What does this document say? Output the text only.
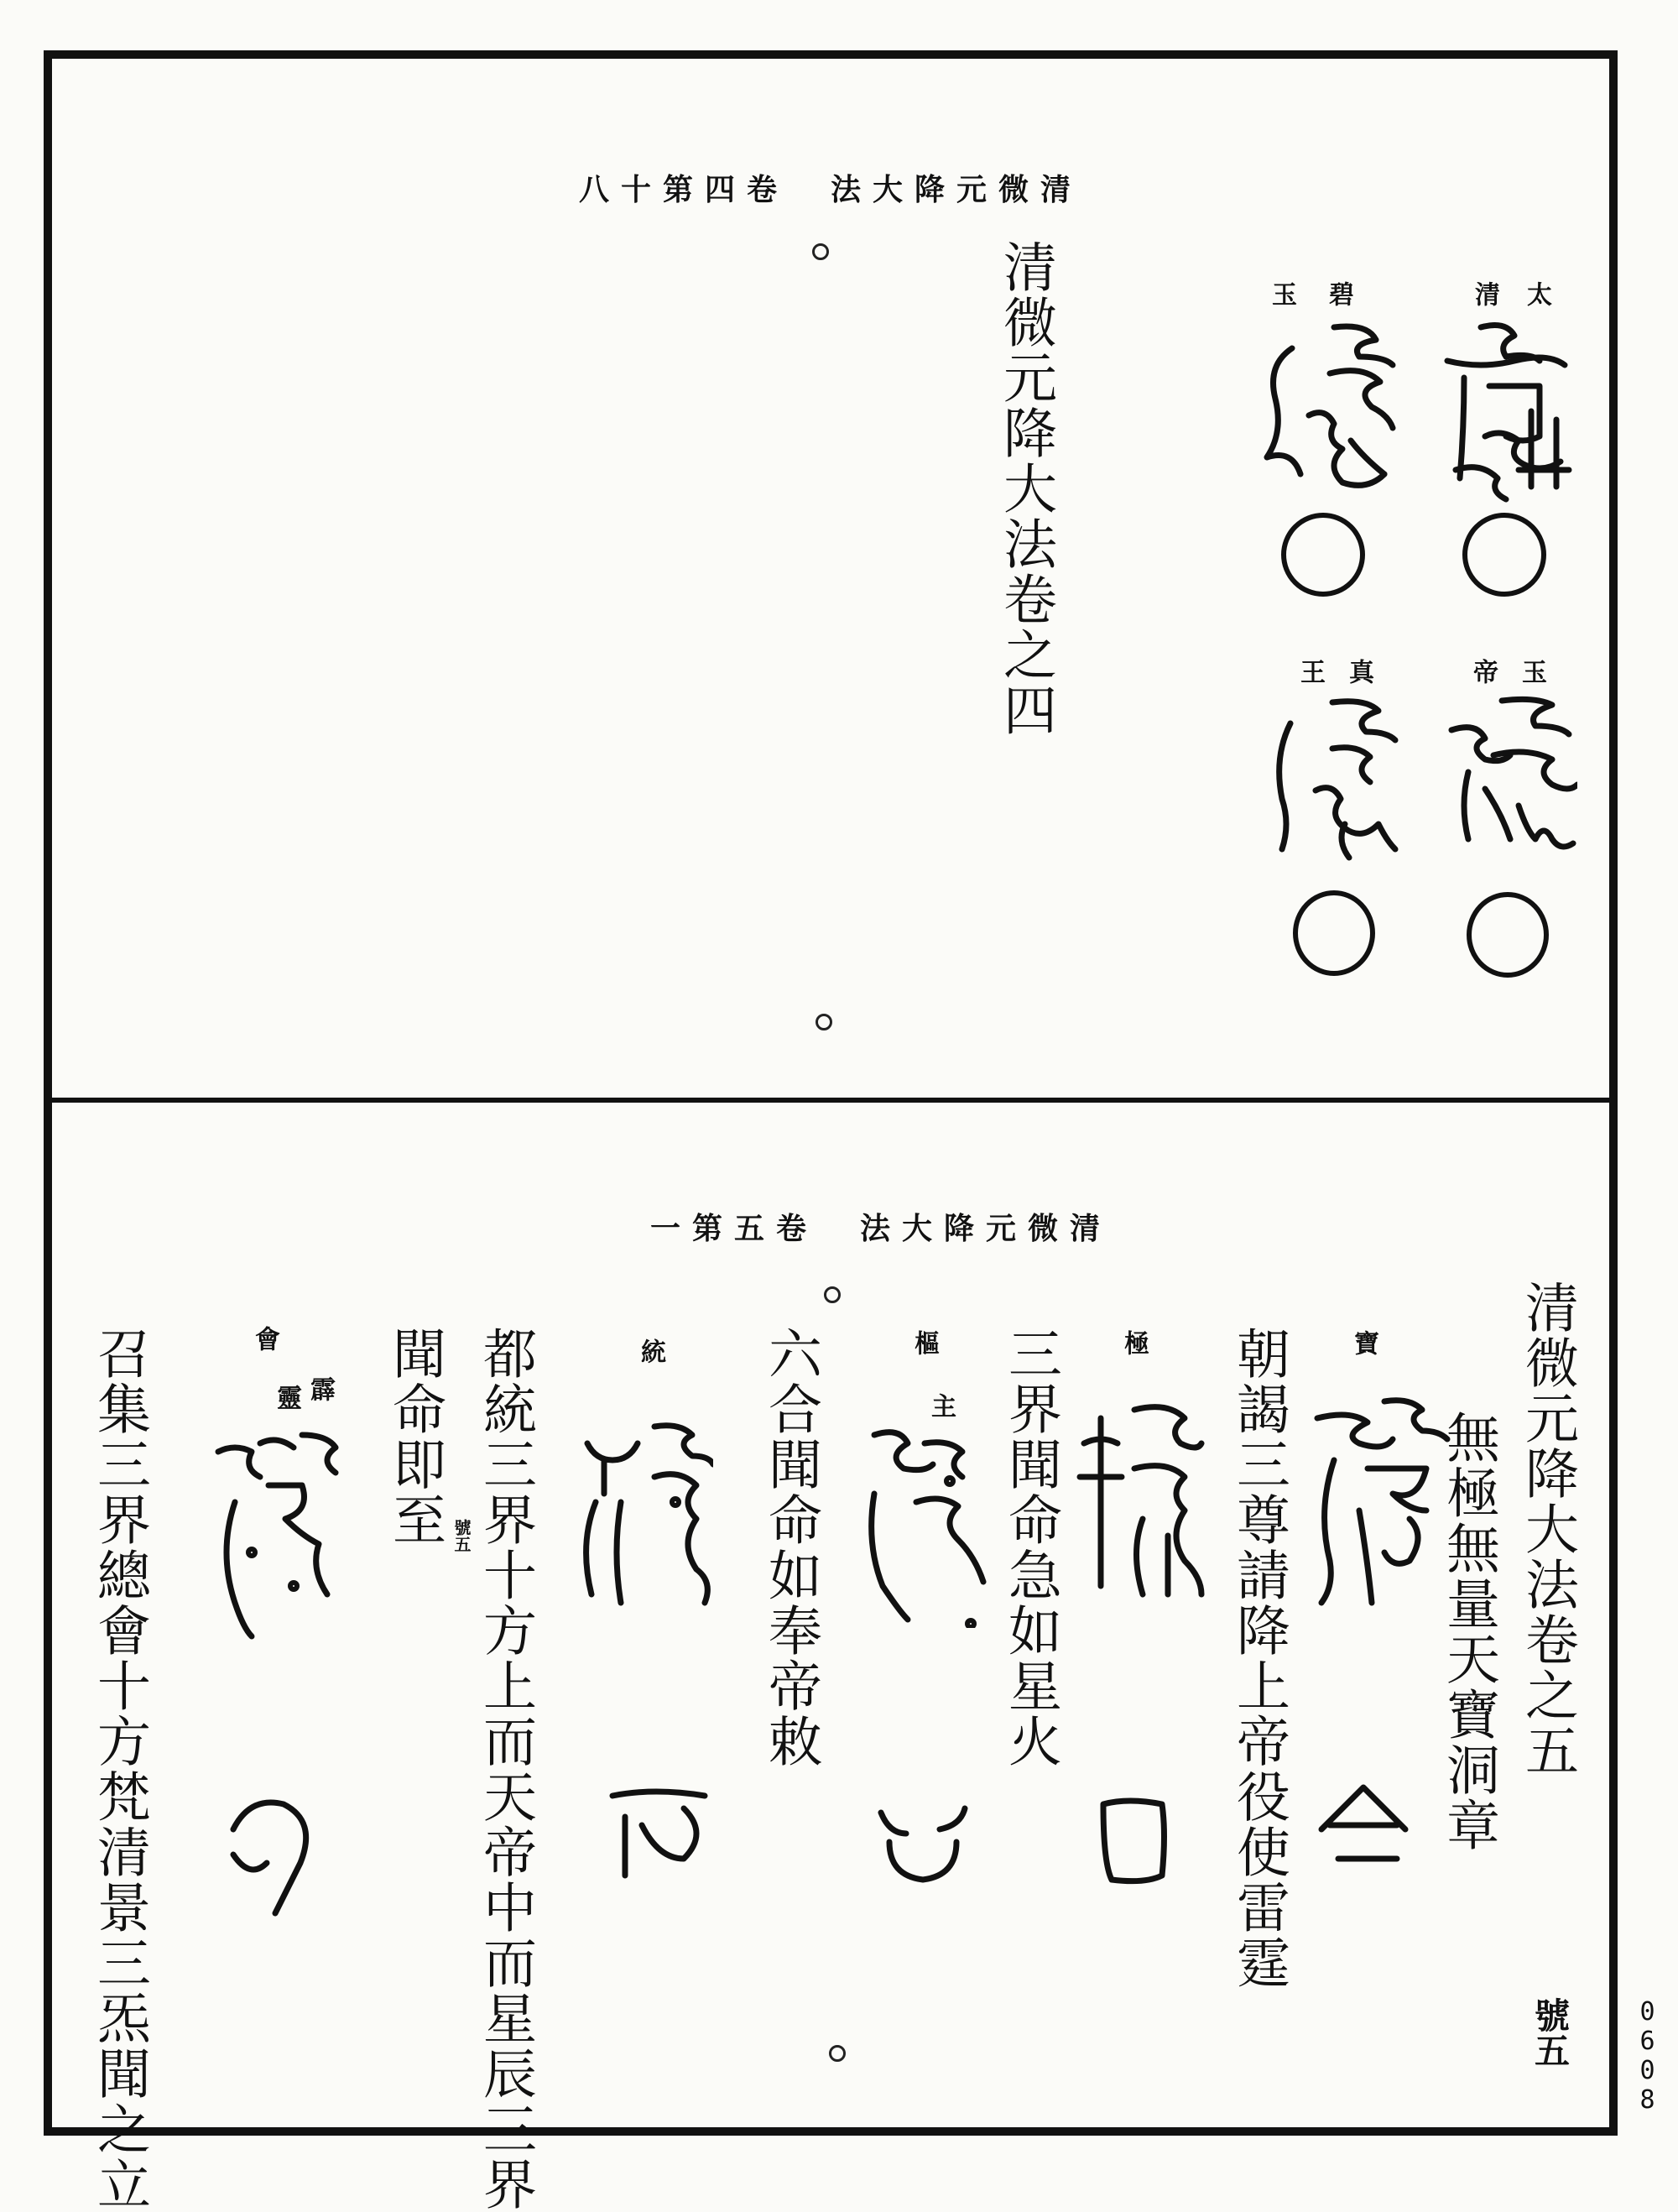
八十第四卷　法大降元微清
清微元降大法卷之四	太
清
碧
玉
玉
帝
真
王
一第五卷　法大降元微清
清微元降大法卷之五
無極無量天寶洞章
號五
朝謁三尊請降上帝役使雷霆
三界聞命急如星火
六合聞命如奉帝敕
都統三界十方上而天帝中而星辰三界
聞命即至
召集三界總會十方梵清景三炁聞之立	寶
極
樞
主
統
會
霹
靈
號五
0608
